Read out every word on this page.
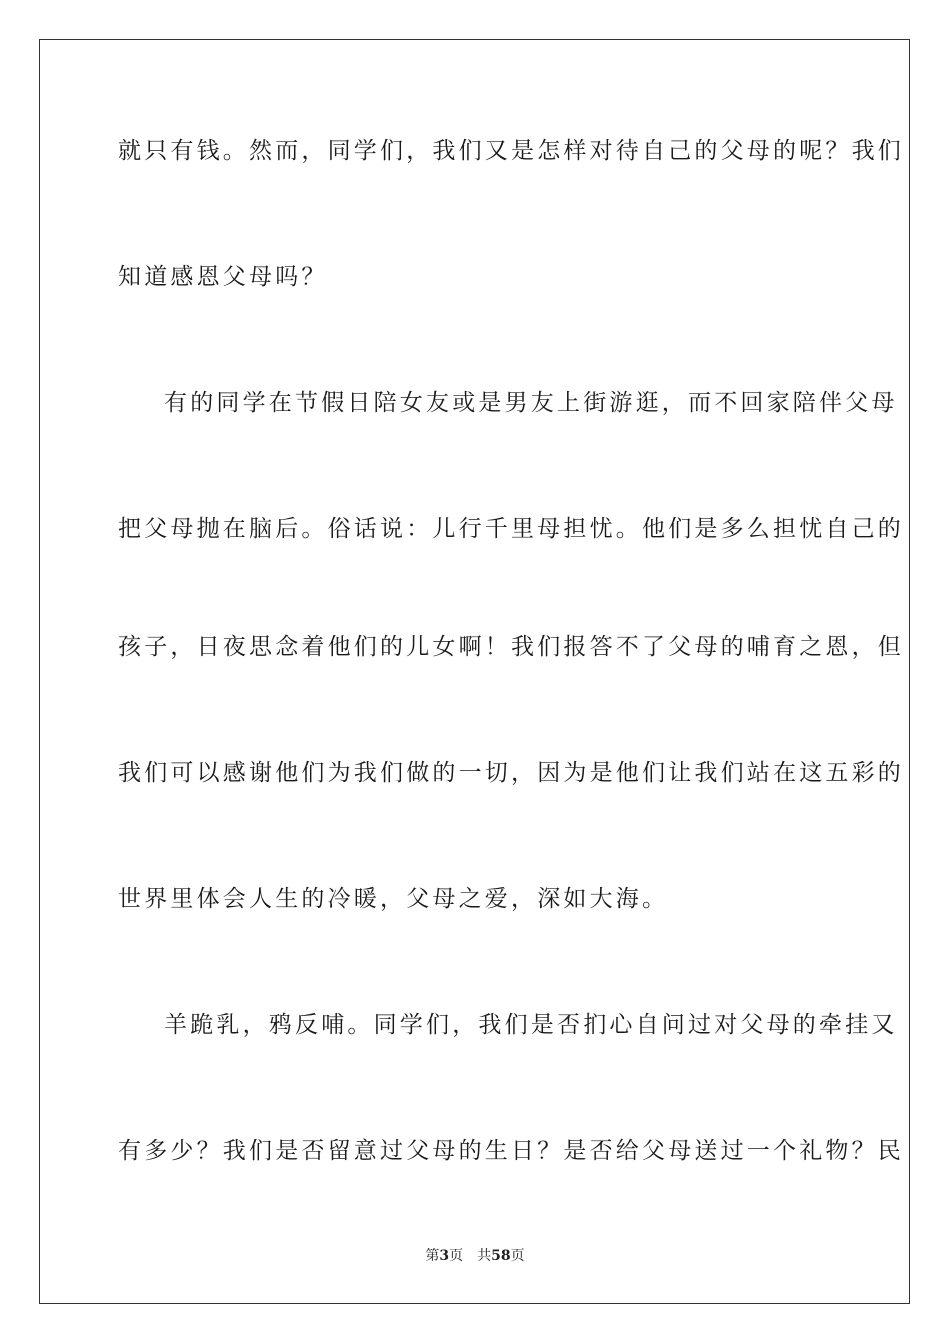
就只有钱。然而，同学们，我们又是怎样对待自己的父母的呢？我们
知道感恩父母吗？
有的同学在节假日陪女友或是男友上街游逛，而不回家陪伴父母
把父母抛在脑后。俗话说：儿行千里母担忧。他们是多么担忧自己的
孩子，日夜思念着他们的儿女啊！我们报答不了父母的哺育之恩，但
我们可以感谢他们为我们做的一切，因为是他们让我们站在这五彩的
世界里体会人生的冷暖，父母之爱，深如大海。
羊跪乳，鸦反哺。同学们，我们是否扪心自问过对父母的牵挂又
有多少？我们是否留意过父母的生日？是否给父母送过一个礼物？民
第3页 共58页
